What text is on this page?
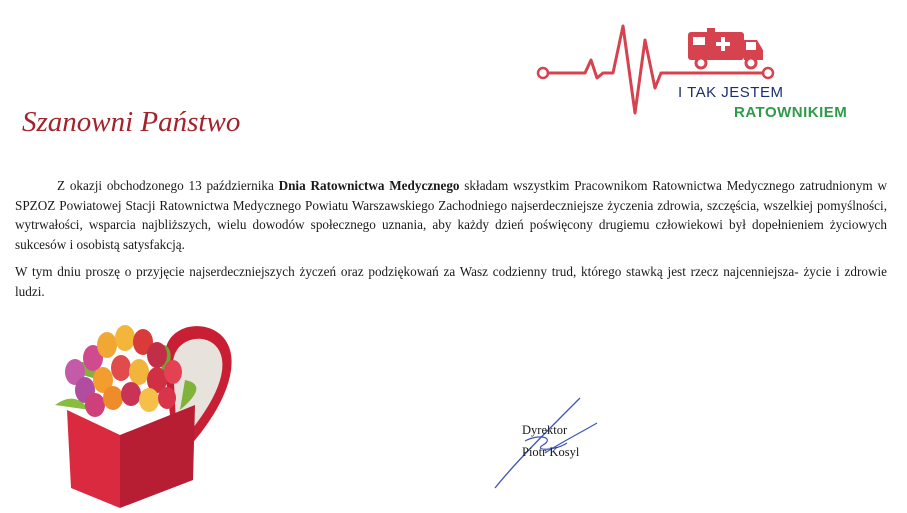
I TAK JESTEM
RATOWNIKIEM
Szanowni Państwo

Z okazji obchodzonego 13 października Dnia Ratownictwa Medycznego składam wszystkim Pracownikom Ratownictwa Medycznego zatrudnionym w SPZOZ Powiatowej Stacji Ratownictwa Medycznego Powiatu Warszawskiego Zachodniego najserdeczniejsze życzenia zdrowia, szczęścia, wszelkiej pomyślności, wytrwałości, wsparcia najbliższych, wielu dowodów społecznego uznania, aby każdy dzień poświęcony drugiemu człowiekowi był dopełnieniem życiowych sukcesów i osobistą satysfakcją.

W tym dniu proszę o przyjęcie najserdeczniejszych życzeń oraz podziękowań za Wasz codzienny trud, którego stawką jest rzecz najcenniejsza- życie i zdrowie ludzi.

Dyrektor
Piotr Kosyl
